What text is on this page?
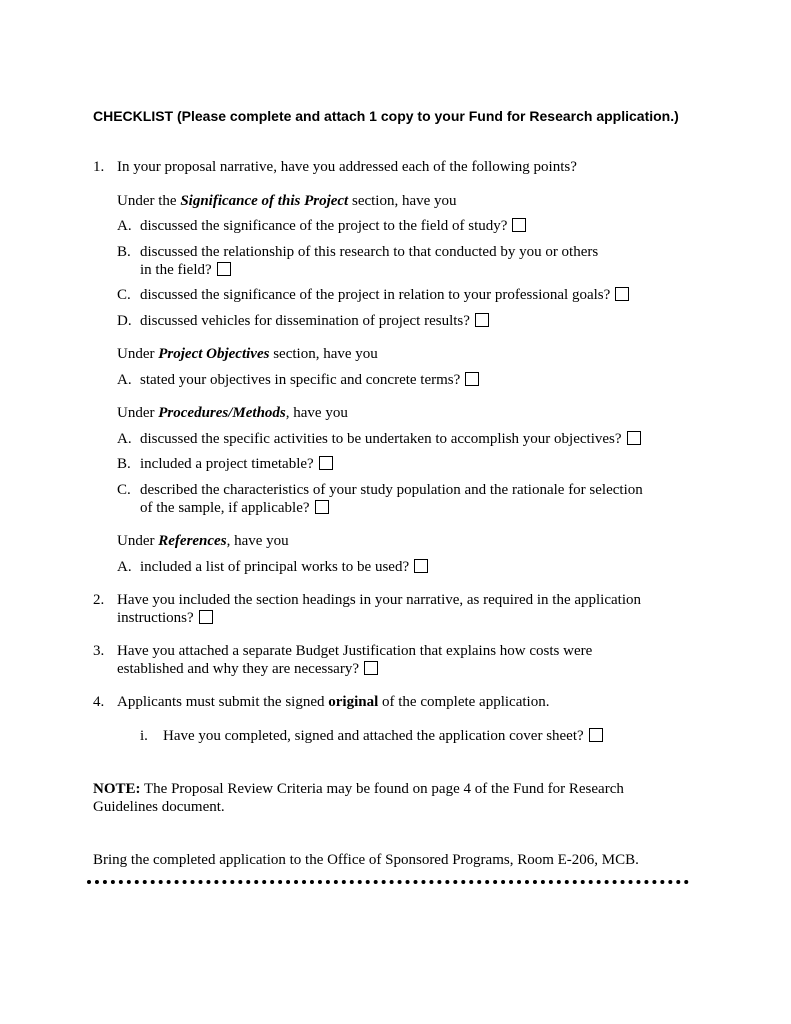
CHECKLIST (Please complete and attach 1 copy to your Fund for Research application.)
1. In your proposal narrative, have you addressed each of the following points?
Under the Significance of this Project section, have you
A. discussed the significance of the project to the field of study?
B. discussed the relationship of this research to that conducted by you or others
in the field?
C. discussed the significance of the project in relation to your professional goals?
D. discussed vehicles for dissemination of project results?
Under Project Objectives section, have you
A. stated your objectives in specific and concrete terms?
Under Procedures/Methods, have you
A. discussed the specific activities to be undertaken to accomplish your objectives?
B. included a project timetable?
C. described the characteristics of your study population and the rationale for selection
of the sample, if applicable?
Under References, have you
A. included a list of principal works to be used?
2. Have you included the section headings in your narrative, as required in the application
instructions?
3. Have you attached a separate Budget Justification that explains how costs were
established and why they are necessary?
4. Applicants must submit the signed original of the complete application.
i. Have you completed, signed and attached the application cover sheet?
NOTE: The Proposal Review Criteria may be found on page 4 of the Fund for Research
Guidelines document.
Bring the completed application to the Office of Sponsored Programs, Room E-206, MCB.
